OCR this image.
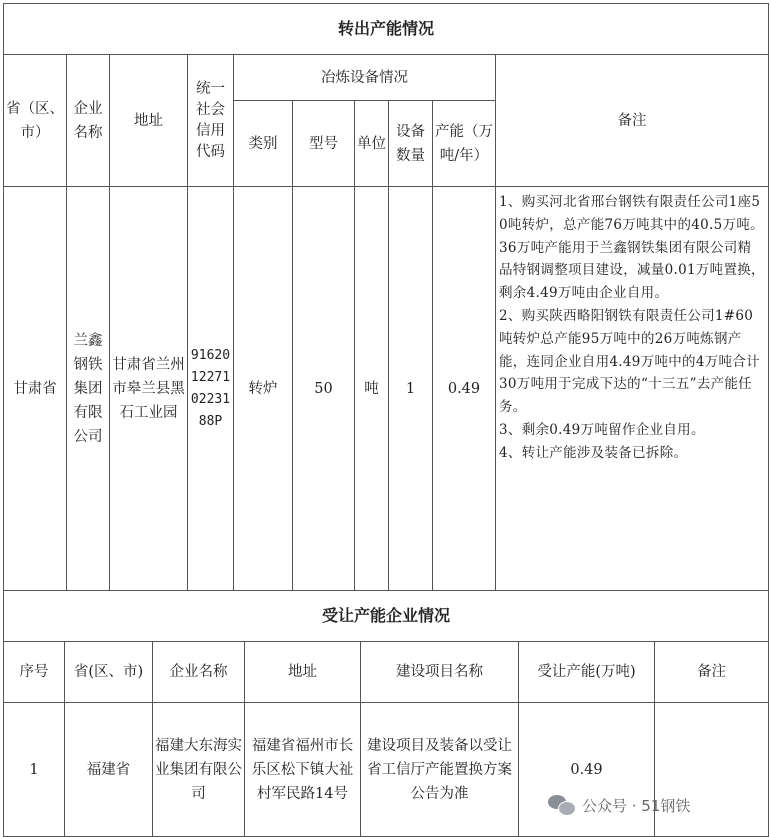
转出产能情况									
省（区、市）	企业名称	地址	统一社会信用代码	冶炼设备情况					备注
				类别	型号	单位	设备数量	产能（万吨/年）	
甘肃省	兰鑫钢铁集团有限公司	甘肃省兰州市皋兰县黑石工业园	91620122710223188P	转炉	50	吨	1	0.49	1、购买河北省邢台钢铁有限责任公司1座50吨转炉，总产能76万吨其中的40.5万吨。36万吨产能用于兰鑫钢铁集团有限公司精品特钢调整项目建设，减量0.01万吨置换，剩余4.49万吨由企业自用。
2、购买陕西略阳钢铁有限责任公司1#60吨转炉总产能95万吨中的26万吨炼钢产能，连同企业自用4.49万吨中的4万吨合计30万吨用于完成下达的“十三五”去产能任务。
3、剩余0.49万吨留作企业自用。
4、转让产能涉及装备已拆除。
受让产能企业情况						
序号	省(区、市)	企业名称	地址	建设项目名称	受让产能(万吨)	备注
1	福建省	福建大东海实业集团有限公司	福建省福州市长乐区松下镇大祉村军民路14号	建设项目及装备以受让省工信厅产能置换方案公告为准	0.49	
公众号 · 51钢铁
